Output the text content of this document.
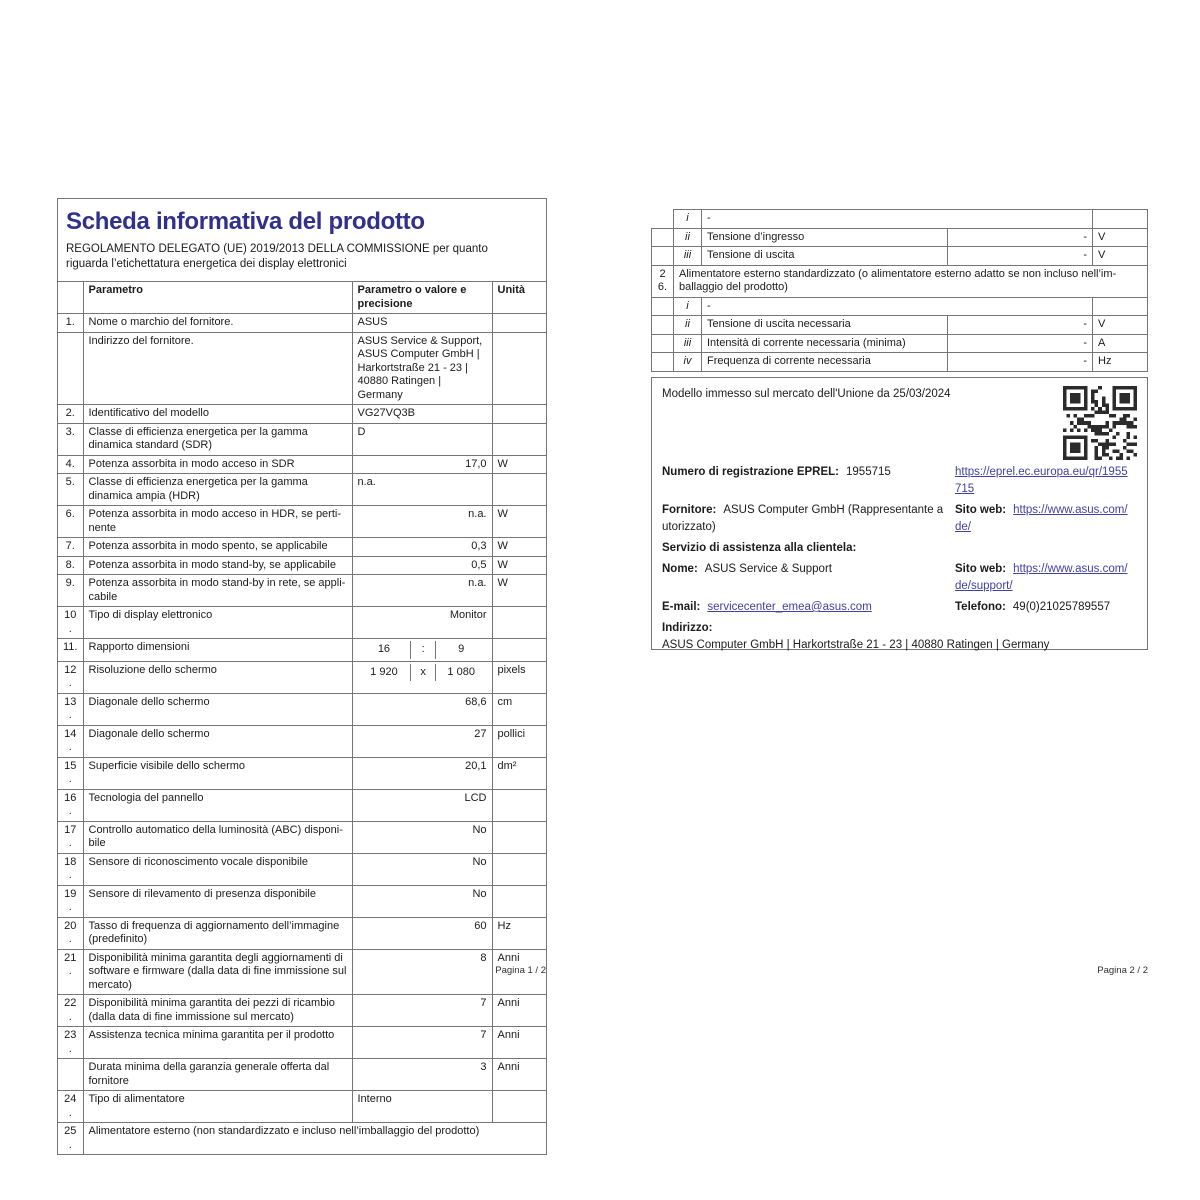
Scheda informativa del prodotto
REGOLAMENTO DELEGATO (UE) 2019/2013 DELLA COMMISSIONE per quanto riguarda l’etichettatura energetica dei display elettronici
	Parametro	Parametro o valore e precisione	Unità
1.	Nome o marchio del fornitore.	ASUS	
	Indirizzo del fornitore.	ASUS Service & Support, ASUS Computer GmbH | Harkortstraße 21 - 23 | 40880 Ratingen | Germany	
2.	Identificativo del modello	VG27VQ3B	
3.	Classe di efficienza energetica per la gamma dinamica standard (SDR)	D	
4.	Potenza assorbita in modo acceso in SDR	17,0	W
5.	Classe di efficienza energetica per la gamma dinamica ampia (HDR)	n.a.	
6.	Potenza assorbita in modo acceso in HDR, se pertinente	n.a.	W
7.	Potenza assorbita in modo spento, se applicabile	0,3	W
8.	Potenza assorbita in modo stand-by, se applicabile	0,5	W
9.	Potenza assorbita in modo stand-by in rete, se applicabile	n.a.	W
10.	Tipo di display elettronico	Monitor	
11.	Rapporto dimensioni	16 : 9	

12.	Risoluzione dello schermo	1 920 x 1 080	pixels
13.	Diagonale dello schermo	68,6	cm
14.	Diagonale dello schermo	27	pollici
15.	Superficie visibile dello schermo	20,1	dm²
16.	Tecnologia del pannello	LCD	
17.	Controllo automatico della luminosità (ABC) disponibile	No	
18.	Sensore di riconoscimento vocale disponibile	No	
19.	Sensore di rilevamento di presenza disponibile	No	
20.	Tasso di frequenza di aggiornamento dell’immagine (predefinito)	60	Hz
21.	Disponibilità minima garantita degli aggiornamenti di software e firmware (dalla data di fine immissione sul mercato)	8	Anni
22.	Disponibilità minima garantita dei pezzi di ricambio (dalla data di fine immissione sul mercato)	7	Anni
23.	Assistenza tecnica minima garantita per il prodotto	7	Anni
	Durata minima della garanzia generale offerta dal fornitore	3	Anni
24.	Tipo di alimentatore	Interno	
25.	Alimentatore esterno (non standardizzato e incluso nell’imballaggio del prodotto)		
Pagina 1 / 2
	i	-		
	ii	Tensione d’ingresso	-	V
	iii	Tensione di uscita	-	V
26.	Alimentatore esterno standardizzato (o alimentatore esterno adatto se non incluso nell’imballaggio del prodotto)			
	i	-		
	ii	Tensione di uscita necessaria	-	V
	iii	Intensità di corrente necessaria (minima)	-	A
	iv	Frequenza di corrente necessaria	-	Hz
Modello immesso sul mercato dell'Unione da 25/03/2024
Numero di registrazione EPREL: 1955715	https://eprel.ec.europa.eu/qr/1955715
Fornitore: ASUS Computer GmbH (Rappresentante autorizzato)
Sito web: https://www.asus.com/de/
Servizio di assistenza alla clientela:
Nome: ASUS Service & Support	Sito web: https://www.asus.com/de/support/
E-mail: servicecenter_emea@asus.com	Telefono: 49(0)21025789557
Indirizzo:
ASUS Computer GmbH | Harkortstraße 21 - 23 | 40880 Ratingen | Germany
Pagina 2 / 2
